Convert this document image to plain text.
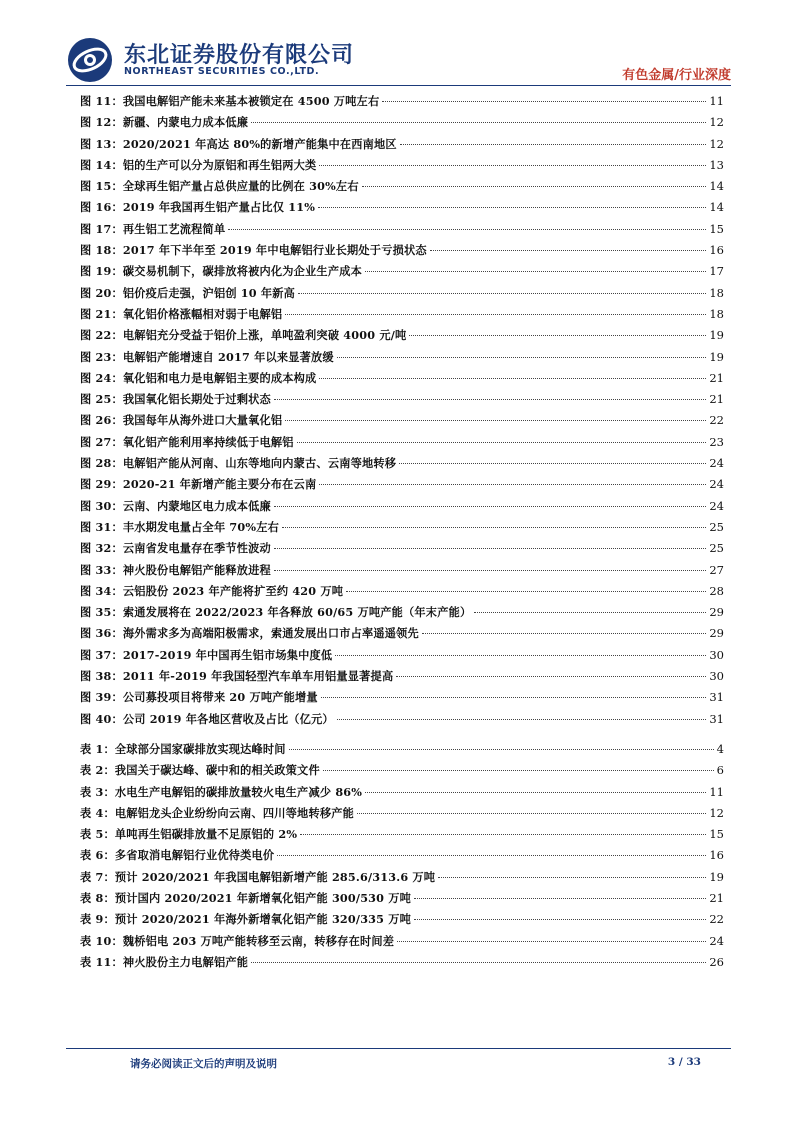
东北证券股份有限公司
NORTHEAST SECURITIES CO.,LTD.	有色金属/行业深度
图 11：我国电解铝产能未来基本被锁定在 4500 万吨左右	11
图 12：新疆、内蒙电力成本低廉	12
图 13：2020/2021 年高达 80%的新增产能集中在西南地区	12
图 14：铝的生产可以分为原铝和再生铝两大类	13
图 15：全球再生铝产量占总供应量的比例在 30%左右	14
图 16：2019 年我国再生铝产量占比仅 11%	14
图 17：再生铝工艺流程简单	15
图 18：2017 年下半年至 2019 年中电解铝行业长期处于亏损状态	16
图 19：碳交易机制下，碳排放将被内化为企业生产成本	17
图 20：铝价疫后走强，沪铝创 10 年新高	18
图 21：氧化铝价格涨幅相对弱于电解铝	18
图 22：电解铝充分受益于铝价上涨，单吨盈利突破 4000 元/吨	19
图 23：电解铝产能增速自 2017 年以来显著放缓	19
图 24：氧化铝和电力是电解铝主要的成本构成	21
图 25：我国氧化铝长期处于过剩状态	21
图 26：我国每年从海外进口大量氧化铝	22
图 27：氧化铝产能利用率持续低于电解铝	23
图 28：电解铝产能从河南、山东等地向内蒙古、云南等地转移	24
图 29：2020-21 年新增产能主要分布在云南	24
图 30：云南、内蒙地区电力成本低廉	24
图 31：丰水期发电量占全年 70%左右	25
图 32：云南省发电量存在季节性波动	25
图 33：神火股份电解铝产能释放进程	27
图 34：云铝股份 2023 年产能将扩至约 420 万吨	28
图 35：索通发展将在 2022/2023 年各释放 60/65 万吨产能（年末产能）	29
图 36：海外需求多为高端阳极需求，索通发展出口市占率遥遥领先	29
图 37：2017-2019 年中国再生铝市场集中度低	30
图 38：2011 年-2019 年我国轻型汽车单车用铝量显著提高	30
图 39：公司募投项目将带来 20 万吨产能增量	31
图 40：公司 2019 年各地区营收及占比（亿元）	31
表 1：全球部分国家碳排放实现达峰时间	4
表 2：我国关于碳达峰、碳中和的相关政策文件	6
表 3：水电生产电解铝的碳排放量较火电生产减少 86%	11
表 4：电解铝龙头企业纷纷向云南、四川等地转移产能	12
表 5：单吨再生铝碳排放量不足原铝的 2%	15
表 6：多省取消电解铝行业优待类电价	16
表 7：预计 2020/2021 年我国电解铝新增产能 285.6/313.6 万吨	19
表 8：预计国内 2020/2021 年新增氧化铝产能 300/530 万吨	21
表 9：预计 2020/2021 年海外新增氧化铝产能 320/335 万吨	22
表 10：魏桥铝电 203 万吨产能转移至云南，转移存在时间差	24
表 11：神火股份主力电解铝产能	26
请务必阅读正文后的声明及说明	3 / 33
